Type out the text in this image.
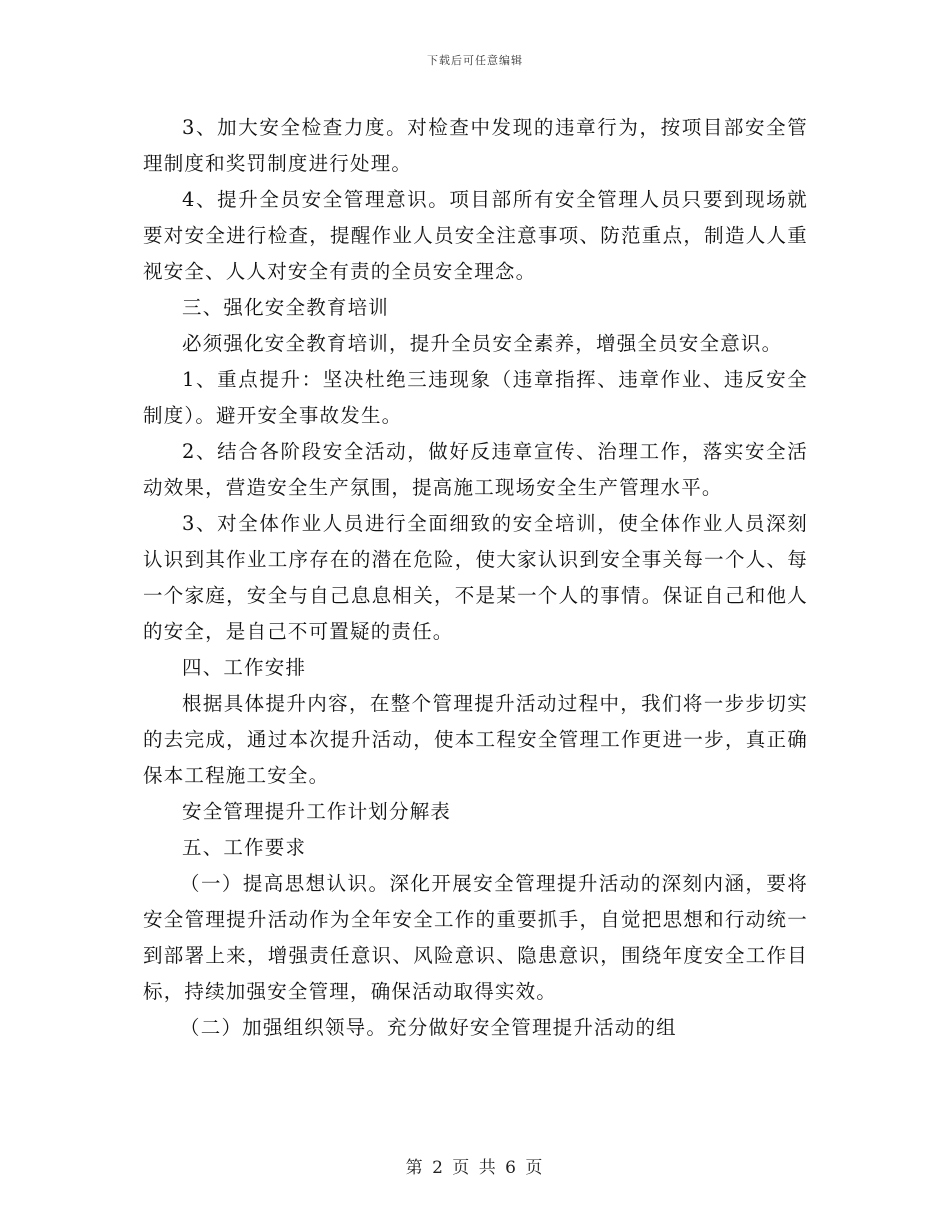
下载后可任意编辑

3、加大安全检查力度。对检查中发现的违章行为，按项目部安全管理制度和奖罚制度进行处理。

4、提升全员安全管理意识。项目部所有安全管理人员只要到现场就要对安全进行检查，提醒作业人员安全注意事项、防范重点，制造人人重视安全、人人对安全有责的全员安全理念。

三、强化安全教育培训

必须强化安全教育培训，提升全员安全素养，增强全员安全意识。

1、重点提升：坚决杜绝三违现象（违章指挥、违章作业、违反安全制度）。避开安全事故发生。

2、结合各阶段安全活动，做好反违章宣传、治理工作，落实安全活动效果，营造安全生产氛围，提高施工现场安全生产管理水平。

3、对全体作业人员进行全面细致的安全培训，使全体作业人员深刻认识到其作业工序存在的潜在危险，使大家认识到安全事关每一个人、每一个家庭，安全与自己息息相关，不是某一个人的事情。保证自己和他人的安全，是自己不可置疑的责任。

四、工作安排

根据具体提升内容，在整个管理提升活动过程中，我们将一步步切实的去完成，通过本次提升活动，使本工程安全管理工作更进一步，真正确保本工程施工安全。

安全管理提升工作计划分解表

五、工作要求

（一）提高思想认识。深化开展安全管理提升活动的深刻内涵，要将安全管理提升活动作为全年安全工作的重要抓手，自觉把思想和行动统一到部署上来，增强责任意识、风险意识、隐患意识，围绕年度安全工作目标，持续加强安全管理，确保活动取得实效。

（二）加强组织领导。充分做好安全管理提升活动的组

第 2 页 共 6 页
